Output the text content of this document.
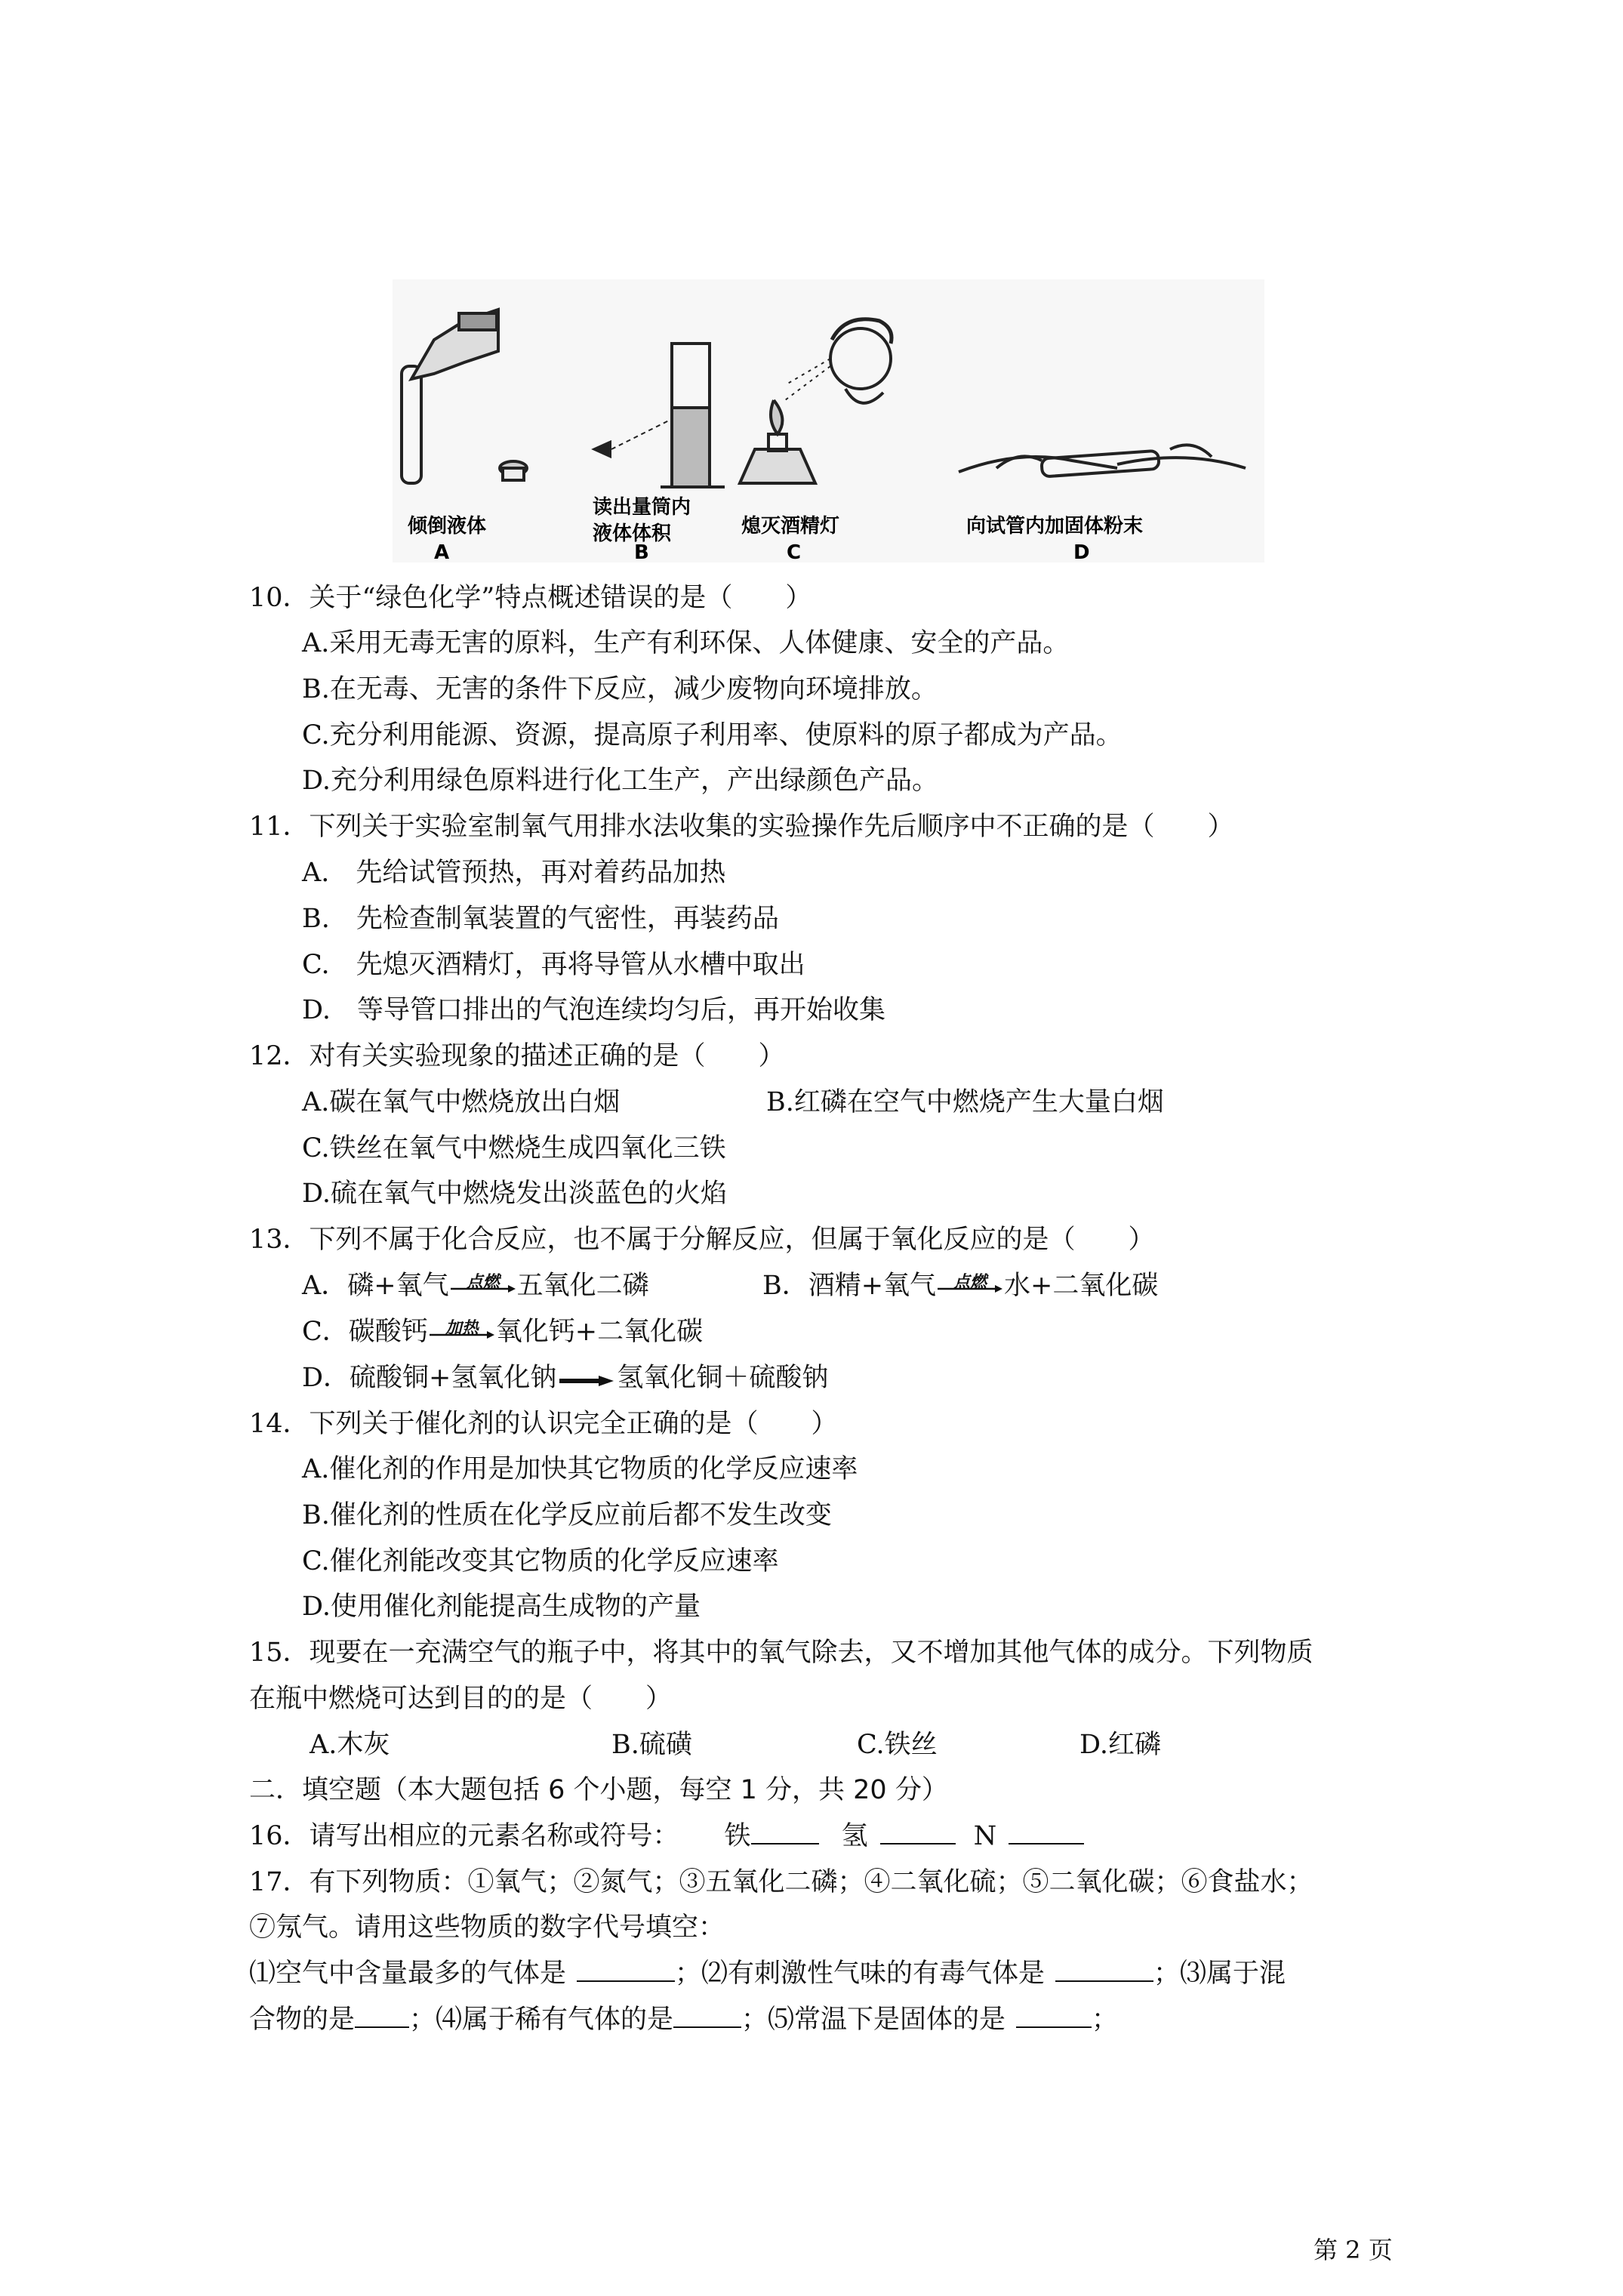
倾倒液体
读出量筒内
液体体积	熄灭酒精灯	向试管内加固体粉末
A	B	C	D
10．关于“绿色化学”特点概述错误的是（　　）
A.采用无毒无害的原料，生产有利环保、人体健康、安全的产品。
B.在无毒、无害的条件下反应，减少废物向环境排放。
C.充分利用能源、资源，提高原子利用率、使原料的原子都成为产品。
D.充分利用绿色原料进行化工生产，产出绿颜色产品。
11．下列关于实验室制氧气用排水法收集的实验操作先后顺序中不正确的是（　　）
A.　先给试管预热，再对着药品加热
B.　先检查制氧装置的气密性，再装药品
C.　先熄灭酒精灯，再将导管从水槽中取出
D.　等导管口排出的气泡连续均匀后，再开始收集
12．对有关实验现象的描述正确的是（　　）
A.碳在氧气中燃烧放出白烟	B.红磷在空气中燃烧产生大量白烟
C.铁丝在氧气中燃烧生成四氧化三铁
D.硫在氧气中燃烧发出淡蓝色的火焰
13．下列不属于化合反应，也不属于分解反应，但属于氧化反应的是（　　）
A．磷+氧气	点燃 五氧化二磷	B．酒精+氧气	点燃 水+二氧化碳
C．碳酸钙	加热 氧化钙+二氧化碳
D．硫酸铜+氢氧化钠 氢氧化铜＋硫酸钠
14．下列关于催化剂的认识完全正确的是（　　）
A.催化剂的作用是加快其它物质的化学反应速率
B.催化剂的性质在化学反应前后都不发生改变
C.催化剂能改变其它物质的化学反应速率
D.使用催化剂能提高生成物的产量
15．现要在一充满空气的瓶子中，将其中的氧气除去，又不增加其他气体的成分。下列物质
在瓶中燃烧可达到目的的是（　　）
A.木灰	B.硫磺	C.铁丝	D.红磷
二．填空题（本大题包括 6 个小题，每空 1 分，共 20 分）
16．请写出相应的元素名称或符号： 铁	氢	N
17．有下列物质：①氧气；②氮气；③五氧化二磷；④二氧化硫；⑤二氧化碳；⑥食盐水；
⑦氖气。请用这些物质的数字代号填空：
⑴空气中含量最多的气体是	；⑵有刺激性气味的有毒气体是	；⑶属于混
合物的是 ；⑷属于稀有气体的是	；⑸常温下是固体的是	；
第 2 页
